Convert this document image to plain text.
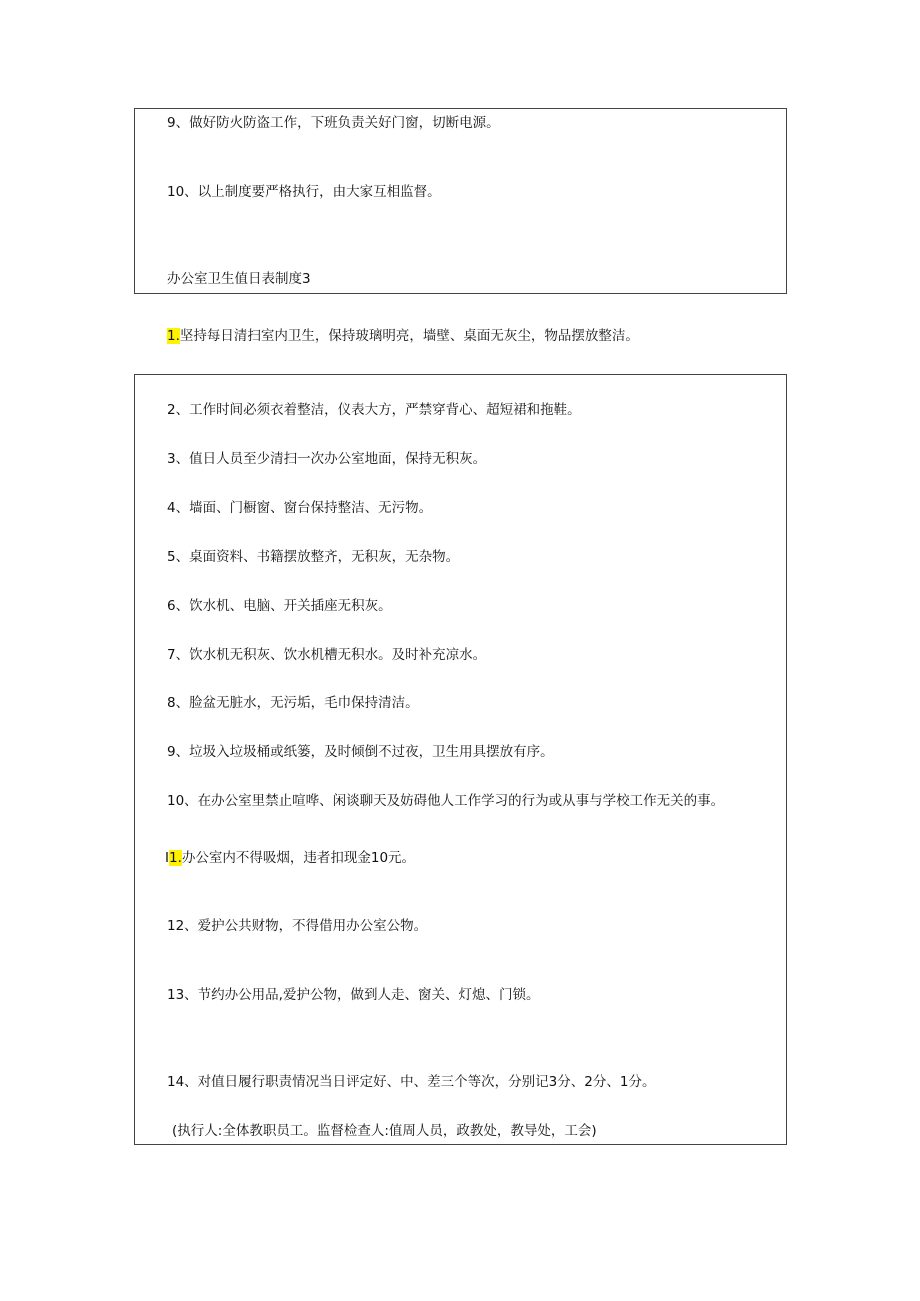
9、做好防火防盗工作，下班负责关好门窗，切断电源。
10、以上制度要严格执行，由大家互相监督。
办公室卫生值日表制度3
1.坚持每日清扫室内卫生，保持玻璃明亮，墙壁、桌面无灰尘，物品摆放整洁。
2、工作时间必须衣着整洁，仪表大方，严禁穿背心、超短裙和拖鞋。
3、值日人员至少清扫一次办公室地面，保持无积灰。
4、墙面、门橱窗、窗台保持整洁、无污物。
5、桌面资料、书籍摆放整齐，无积灰，无杂物。
6、饮水机、电脑、开关插座无积灰。
7、饮水机无积灰、饮水机槽无积水。及时补充凉水。
8、脸盆无脏水，无污垢，毛巾保持清洁。
9、垃圾入垃圾桶或纸篓，及时倾倒不过夜，卫生用具摆放有序。
10、在办公室里禁止喧哗、闲谈聊天及妨碍他人工作学习的行为或从事与学校工作无关的事。
I1.办公室内不得吸烟，违者扣现金10元。
12、爱护公共财物，不得借用办公室公物。
13、节约办公用品,爱护公物，做到人走、窗关、灯熄、门锁。
14、对值日履行职责情况当日评定好、中、差三个等次，分别记3分、2分、1分。
(执行人:全体教职员工。监督检查人:值周人员，政教处，教导处，工会)
